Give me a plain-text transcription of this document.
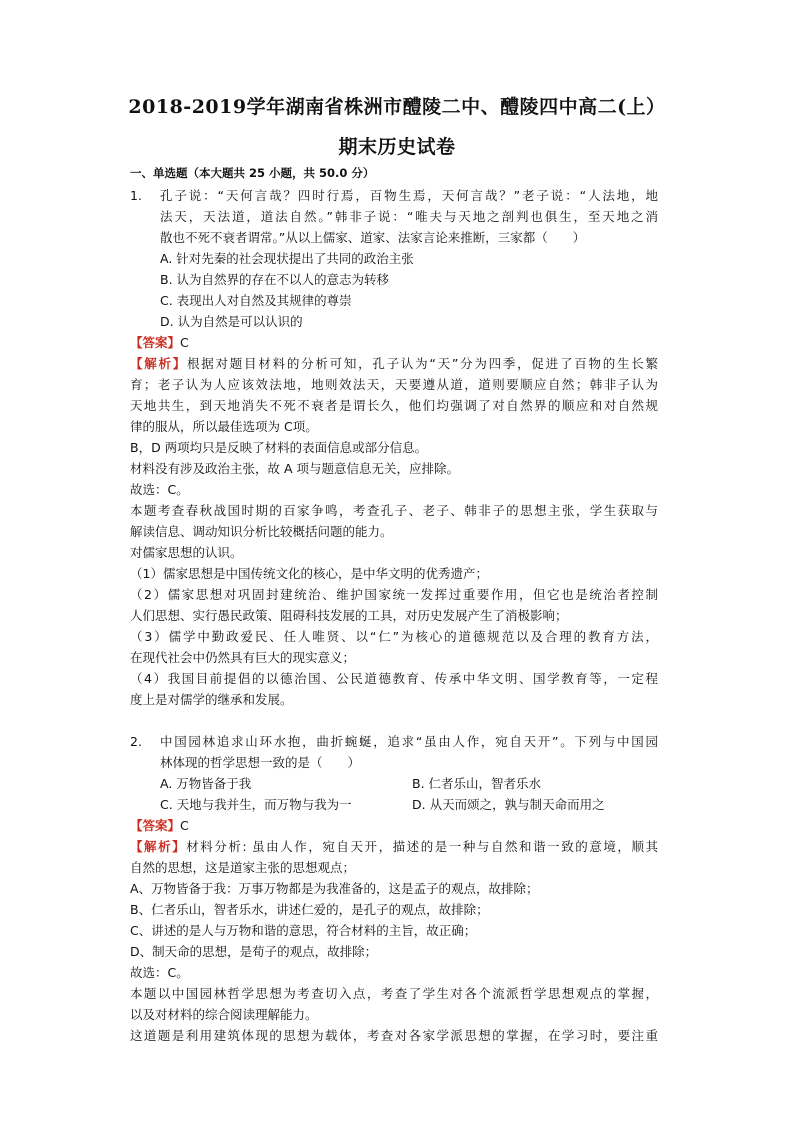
2018-2019学年湖南省株洲市醴陵二中、醴陵四中高二(上）
期末历史试卷
一、单选题（本大题共 25 小题，共 50.0 分）
1. 孔子说：“天何言哉？四时行焉，百物生焉，天何言哉？”老子说：“人法地，地
法天，天法道，道法自然。”韩非子说：“唯夫与天地之剖判也俱生，至天地之消
散也不死不衰者谓常。”从以上儒家、道家、法家言论来推断，三家都（　　）
A. 针对先秦的社会现状提出了共同的政治主张
B. 认为自然界的存在不以人的意志为转移
C. 表现出人对自然及其规律的尊崇
D. 认为自然是可以认识的
【答案】C
【解析】根据对题目材料的分析可知，孔子认为“天”分为四季，促进了百物的生长繁
育；老子认为人应该效法地，地则效法天，天要遵从道，道则要顺应自然；韩非子认为
天地共生，到天地消失不死不衰者是谓长久，他们均强调了对自然界的顺应和对自然规
律的服从，所以最佳选项为 C项。
B，D 两项均只是反映了材料的表面信息或部分信息。
材料没有涉及政治主张，故 A 项与题意信息无关，应排除。
故选：C。
本题考查春秋战国时期的百家争鸣，考查孔子、老子、韩非子的思想主张，学生获取与
解读信息、调动知识分析比较概括问题的能力。
对儒家思想的认识。
（1）儒家思想是中国传统文化的核心，是中华文明的优秀遗产；
（2）儒家思想对巩固封建统治、维护国家统一发挥过重要作用，但它也是统治者控制
人们思想、实行愚民政策、阻碍科技发展的工具，对历史发展产生了消极影响；
（3）儒学中勤政爱民、任人唯贤、以“仁”为核心的道德规范以及合理的教育方法，
在现代社会中仍然具有巨大的现实意义；
（4）我国目前提倡的以德治国、公民道德教育、传承中华文明、国学教育等，一定程
度上是对儒学的继承和发展。
2. 中国园林追求山环水抱，曲折蜿蜒，追求“虽由人作，宛自天开”。下列与中国园
林体现的哲学思想一致的是（　　）
A. 万物皆备于我	B. 仁者乐山，智者乐水
C. 天地与我并生，而万物与我为一	D. 从天而颂之，孰与制天命而用之
【答案】C
【解析】材料分析: 虽由人作，宛自天开，描述的是一种与自然和谐一致的意境，顺其
自然的思想，这是道家主张的思想观点；
A、万物皆备于我：万事万物都是为我准备的，这是孟子的观点，故排除；
B、仁者乐山，智者乐水，讲述仁爱的，是孔子的观点，故排除；
C、讲述的是人与万物和谐的意思，符合材料的主旨，故正确；
D、制天命的思想，是荀子的观点，故排除；
故选：C。
本题以中国园林哲学思想为考查切入点，考查了学生对各个流派哲学思想观点的掌握，
以及对材料的综合阅读理解能力。
这道题是利用建筑体现的思想为载体，考查对各家学派思想的掌握，在学习时，要注重
